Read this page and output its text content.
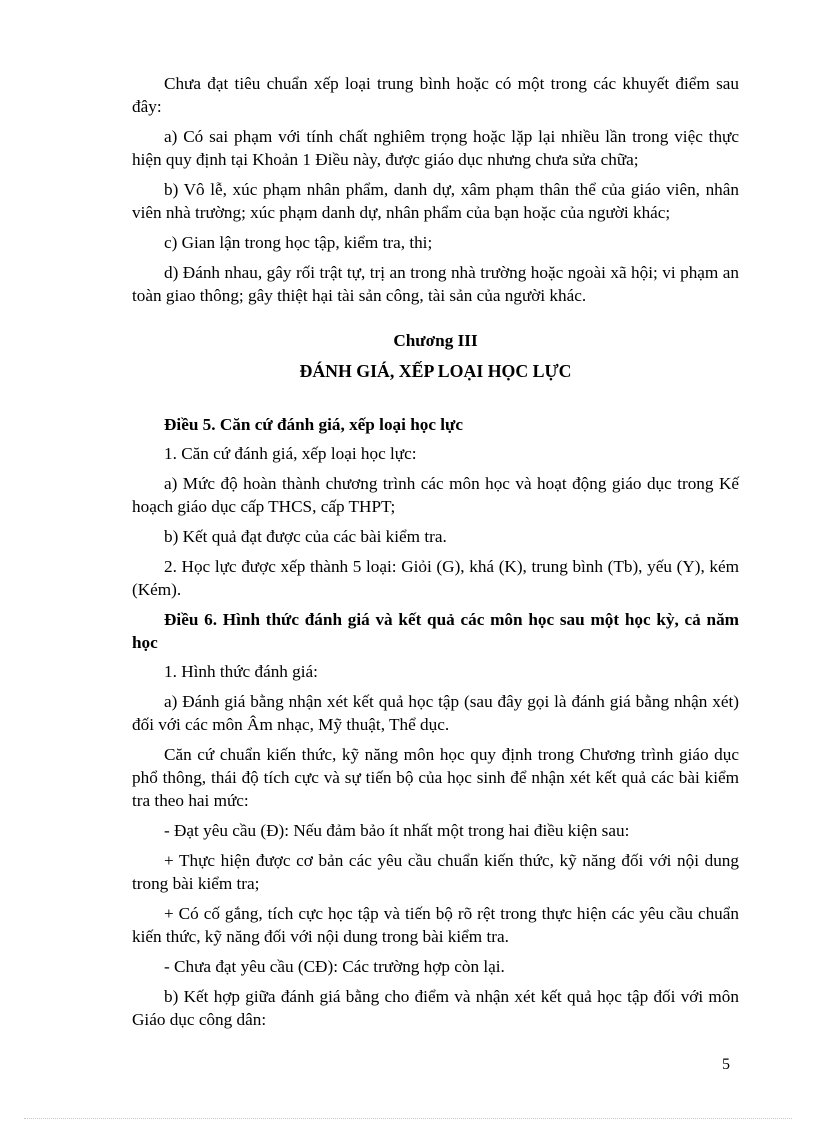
Chưa đạt tiêu chuẩn xếp loại trung bình hoặc có một trong các khuyết điểm sau đây:

a) Có sai phạm với tính chất nghiêm trọng hoặc lặp lại nhiều lần trong việc thực hiện quy định tại Khoản 1 Điều này, được giáo dục nhưng chưa sửa chữa;

b) Vô lễ, xúc phạm nhân phẩm, danh dự, xâm phạm thân thể của giáo viên, nhân viên nhà trường; xúc phạm danh dự, nhân phẩm của bạn hoặc của người khác;

c) Gian lận trong học tập, kiểm tra, thi;

d) Đánh nhau, gây rối trật tự, trị an trong nhà trường hoặc ngoài xã hội; vi phạm an toàn giao thông; gây thiệt hại tài sản công, tài sản của người khác.

Chương III

ĐÁNH GIÁ, XẾP LOẠI HỌC LỰC

Điều 5. Căn cứ đánh giá, xếp loại học lực

1. Căn cứ đánh giá, xếp loại học lực:

a) Mức độ hoàn thành chương trình các môn học và hoạt động giáo dục trong Kế hoạch giáo dục cấp THCS, cấp THPT;

b) Kết quả đạt được của các bài kiểm tra.

2. Học lực được xếp thành 5 loại: Giỏi (G), khá (K), trung bình (Tb), yếu (Y), kém (Kém).

Điều 6. Hình thức đánh giá và kết quả các môn học sau một học kỳ, cả năm học

1. Hình thức đánh giá:

a) Đánh giá bằng nhận xét kết quả học tập (sau đây gọi là đánh giá bằng nhận xét) đối với các môn Âm nhạc, Mỹ thuật, Thể dục.

Căn cứ chuẩn kiến thức, kỹ năng môn học quy định trong Chương trình giáo dục phổ thông, thái độ tích cực và sự tiến bộ của học sinh để nhận xét kết quả các bài kiểm tra theo hai mức:

- Đạt yêu cầu (Đ): Nếu đảm bảo ít nhất một trong hai điều kiện sau:

+ Thực hiện được cơ bản các yêu cầu chuẩn kiến thức, kỹ năng đối với nội dung trong bài kiểm tra;

+ Có cố gắng, tích cực học tập và tiến bộ rõ rệt trong thực hiện các yêu cầu chuẩn kiến thức, kỹ năng đối với nội dung trong bài kiểm tra.

- Chưa đạt yêu cầu (CĐ): Các trường hợp còn lại.

b) Kết hợp giữa đánh giá bằng cho điểm và nhận xét kết quả học tập đối với môn Giáo dục công dân:

5
